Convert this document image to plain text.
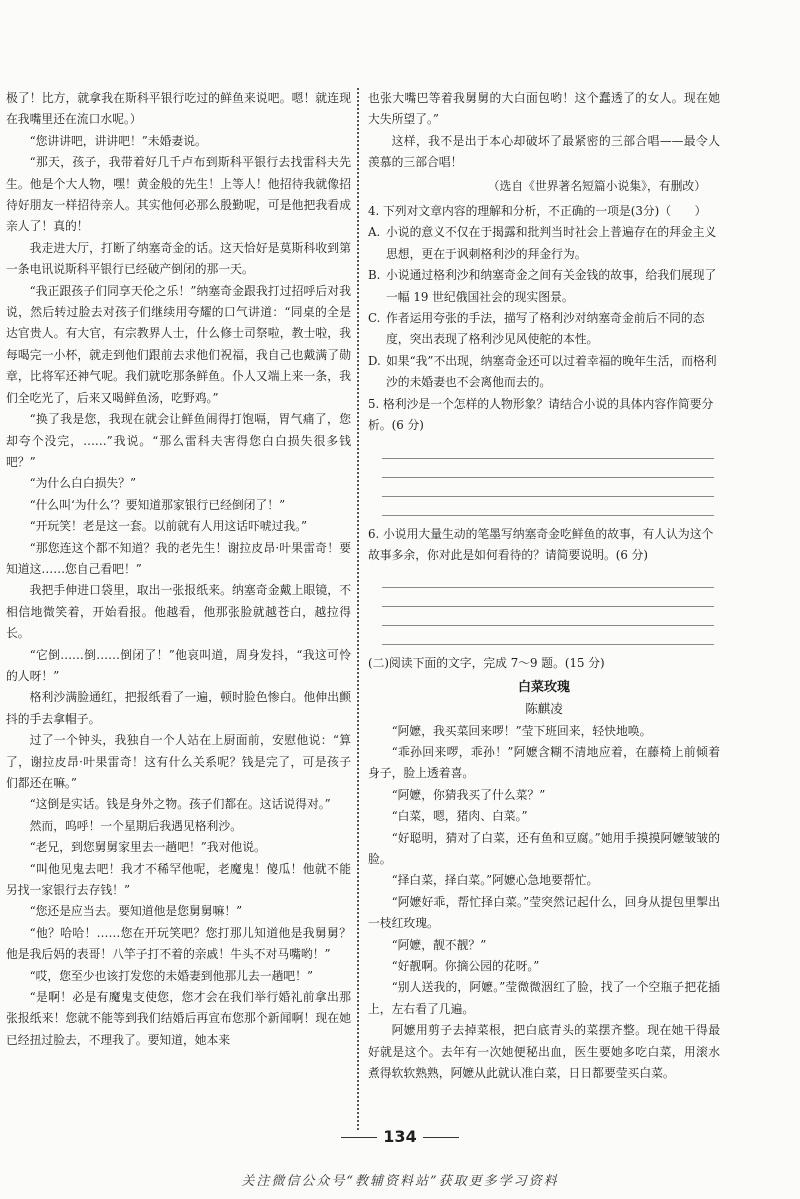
极了！比方，就拿我在斯科平银行吃过的鲜鱼来说吧。嗯！就连现在我嘴里还在流口水呢。）

“您讲讲吧，讲讲吧！”未婚妻说。

“那天，孩子，我带着好几千卢布到斯科平银行去找雷科夫先生。他是个大人物，嘿！黄金般的先生！上等人！他招待我就像招待好朋友一样招待亲人。其实他何必那么殷勤呢，可是他把我看成亲人了！真的！

我走进大厅，打断了纳塞奇金的话。这天恰好是莫斯科收到第一条电讯说斯科平银行已经破产倒闭的那一天。

“我正跟孩子们同享天伦之乐！”纳塞奇金跟我打过招呼后对我说，然后转过脸去对孩子们继续用夸耀的口气讲道：“同桌的全是达官贵人。有大官，有宗教界人士，什么修士司祭啦，教士啦，我每喝完一小杯，就走到他们跟前去求他们祝福，我自己也戴满了勋章，比将军还神气呢。我们就吃那条鲜鱼。仆人又端上来一条，我们全吃光了，后来又喝鲜鱼汤，吃野鸡。”

“换了我是您，我现在就会让鲜鱼闹得打饱嗝，胃气痛了，您却夸个没完，……”我说。“那么雷科夫害得您白白损失很多钱吧？”

“为什么白白损失？”

“什么叫‘为什么’？要知道那家银行已经倒闭了！”

“开玩笑！老是这一套。以前就有人用这话吓唬过我。”

“那您连这个都不知道？我的老先生！谢拉皮昂·叶果雷奇！要知道这……您自己看吧！”

我把手伸进口袋里，取出一张报纸来。纳塞奇金戴上眼镜，不相信地微笑着，开始看报。他越看，他那张脸就越苍白，越拉得长。

“它倒……倒……倒闭了！”他哀叫道，周身发抖，“我这可怜的人呀！”

格利沙满脸通红，把报纸看了一遍，顿时脸色惨白。他伸出颤抖的手去拿帽子。

过了一个钟头，我独自一个人站在上厨面前，安慰他说：“算了，谢拉皮昂·叶果雷奇！这有什么关系呢？钱是完了，可是孩子们都还在嘛。”

“这倒是实话。钱是身外之物。孩子们都在。这话说得对。”

然而，呜呼！一个星期后我遇见格利沙。

“老兄，到您舅舅家里去一趟吧！”我对他说。

“叫他见鬼去吧！我才不稀罕他呢，老魔鬼！傻瓜！他就不能另找一家银行去存钱！”

“您还是应当去。要知道他是您舅舅嘛！”

“他？哈哈！……您在开玩笑吧？您打那儿知道他是我舅舅？他是我后妈的表哥！八竿子打不着的亲戚！牛头不对马嘴哟！”

“哎，您至少也该打发您的未婚妻到他那儿去一趟吧！”

“是啊！必是有魔鬼支使您，您才会在我们举行婚礼前拿出那张报纸来！您就不能等到我们结婚后再宣布您那个新闻啊！现在她已经扭过脸去，不理我了。要知道，她本来

也张大嘴巴等着我舅舅的大白面包哟！这个蠢透了的女人。现在她大失所望了。”

这样，我不是出于本心却破坏了最紧密的三部合唱——最令人羡慕的三部合唱！

（选自《世界著名短篇小说集》，有删改）

4. 下列对文章内容的理解和分析，不正确的一项是(3分)（　　）

A. 小说的意义不仅在于揭露和批判当时社会上普遍存在的拜金主义思想，更在于讽刺格利沙的拜金行为。

B. 小说通过格利沙和纳塞奇金之间有关金钱的故事，给我们展现了一幅 19 世纪俄国社会的现实图景。

C. 作者运用夸张的手法，描写了格利沙对纳塞奇金前后不同的态度，突出表现了格利沙见风使舵的本性。

D. 如果“我”不出现，纳塞奇金还可以过着幸福的晚年生活，而格利沙的未婚妻也不会离他而去的。

5. 格利沙是一个怎样的人物形象？请结合小说的具体内容作简要分析。(6 分)

6. 小说用大量生动的笔墨写纳塞奇金吃鲜鱼的故事，有人认为这个故事多余，你对此是如何看待的？请简要说明。(6 分)

(二)阅读下面的文字，完成 7～9 题。(15 分)

白菜玫瑰

陈麒凌

“阿嬷，我买菜回来啰！”莹下班回来，轻快地唤。

“乖孙回来啰，乖孙！”阿嬷含糊不清地应着，在藤椅上前倾着身子，脸上透着喜。

“阿嬷，你猜我买了什么菜？”

“白菜，嗯，猪肉、白菜。”

“好聪明，猜对了白菜，还有鱼和豆腐。”她用手摸摸阿嬷皱皱的脸。

“择白菜，择白菜。”阿嬷心急地要帮忙。

“阿嬷好乖，帮忙择白菜。”莹突然记起什么，回身从提包里掣出一枝红玫瑰。

“阿嬷，靓不靓？”

“好靓啊。你摘公园的花呀。”

“别人送我的，阿嬷。”莹微微洇红了脸，找了一个空瓶子把花插上，左右看了几遍。

阿嬷用剪子去掉菜根，把白底青头的菜摆齐整。现在她干得最好就是这个。去年有一次她便秘出血，医生要她多吃白菜，用滚水煮得软软熟熟，阿嬷从此就认准白菜，日日都要莹买白菜。

134
关注微信公众号“教辅资料站”获取更多学习资料
